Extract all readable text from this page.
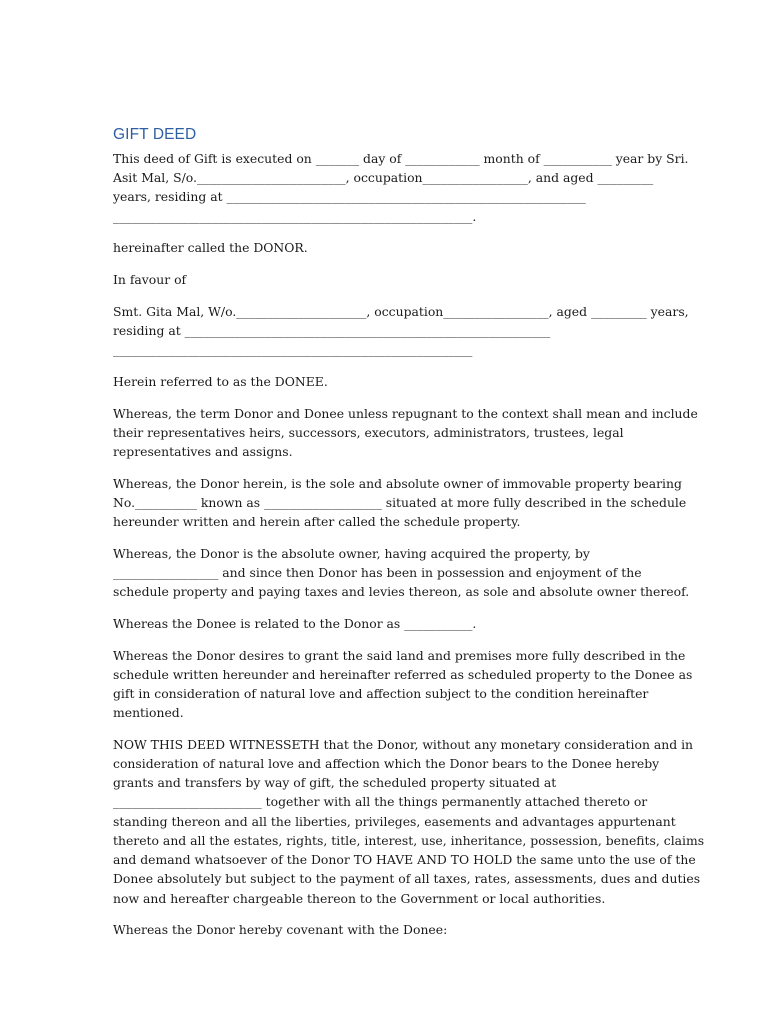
GIFT DEED
This deed of Gift is executed on _______ day of ____________ month of ___________ year by Sri.
Asit Mal, S/o.________________________, occupation_________________, and aged _________
years, residing at __________________________________________________________
__________________________________________________________.
hereinafter called the DONOR.
In favour of
Smt. Gita Mal, W/o._____________________, occupation_________________, aged _________ years,
residing at ___________________________________________________________
__________________________________________________________
Herein referred to as the DONEE.
Whereas, the term Donor and Donee unless repugnant to the context shall mean and include
their representatives heirs, successors, executors, administrators, trustees, legal
representatives and assigns.
Whereas, the Donor herein, is the sole and absolute owner of immovable property bearing
No.__________ known as ___________________ situated at more fully described in the schedule
hereunder written and herein after called the schedule property.
Whereas, the Donor is the absolute owner, having acquired the property, by
_________________ and since then Donor has been in possession and enjoyment of the
schedule property and paying taxes and levies thereon, as sole and absolute owner thereof.
Whereas the Donee is related to the Donor as ___________.
Whereas the Donor desires to grant the said land and premises more fully described in the
schedule written hereunder and hereinafter referred as scheduled property to the Donee as
gift in consideration of natural love and affection subject to the condition hereinafter
mentioned.
NOW THIS DEED WITNESSETH that the Donor, without any monetary consideration and in
consideration of natural love and affection which the Donor bears to the Donee hereby
grants and transfers by way of gift, the scheduled property situated at
________________________ together with all the things permanently attached thereto or
standing thereon and all the liberties, privileges, easements and advantages appurtenant
thereto and all the estates, rights, title, interest, use, inheritance, possession, benefits, claims
and demand whatsoever of the Donor TO HAVE AND TO HOLD the same unto the use of the
Donee absolutely but subject to the payment of all taxes, rates, assessments, dues and duties
now and hereafter chargeable thereon to the Government or local authorities.
Whereas the Donor hereby covenant with the Donee:
